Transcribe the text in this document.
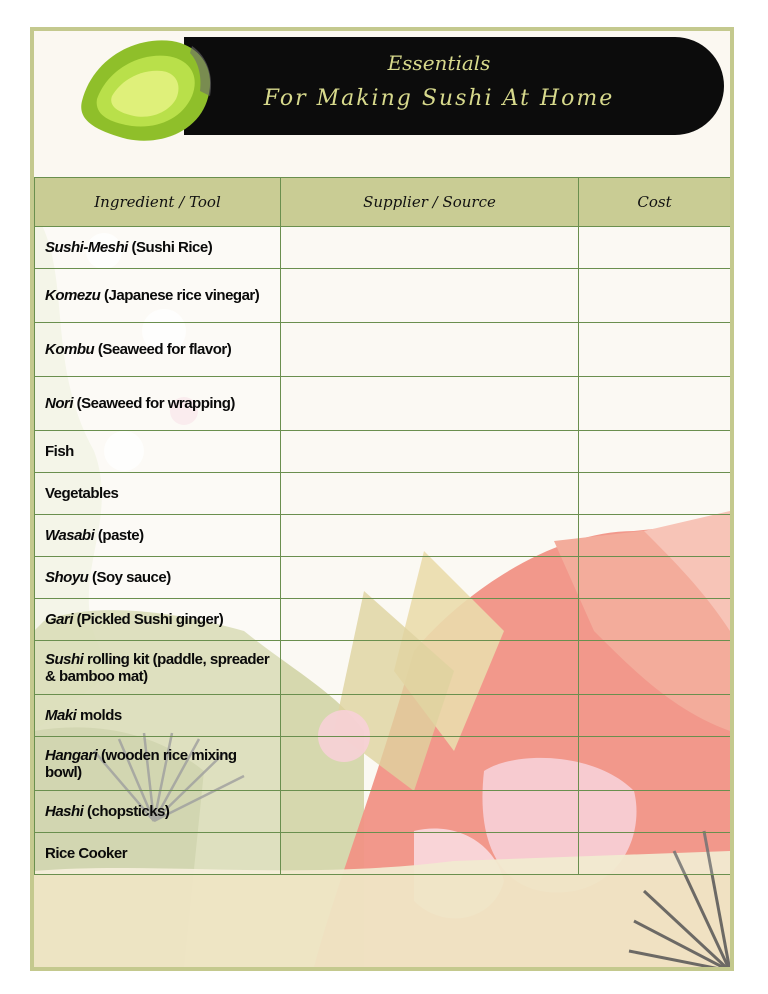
Essentials
For Making Sushi At Home
Ingredient / Tool	Supplier / Source	Cost
Sushi-Meshi (Sushi Rice)		
Komezu (Japanese rice vinegar)		
Kombu (Seaweed for flavor)		
Nori (Seaweed for wrapping)		
Fish		
Vegetables		
Wasabi (paste)		
Shoyu (Soy sauce)		
Gari (Pickled Sushi ginger)		
Sushi rolling kit (paddle, spreader & bamboo mat)		
Maki molds		
Hangari (wooden rice mixing bowl)		
Hashi (chopsticks)		
Rice Cooker		
